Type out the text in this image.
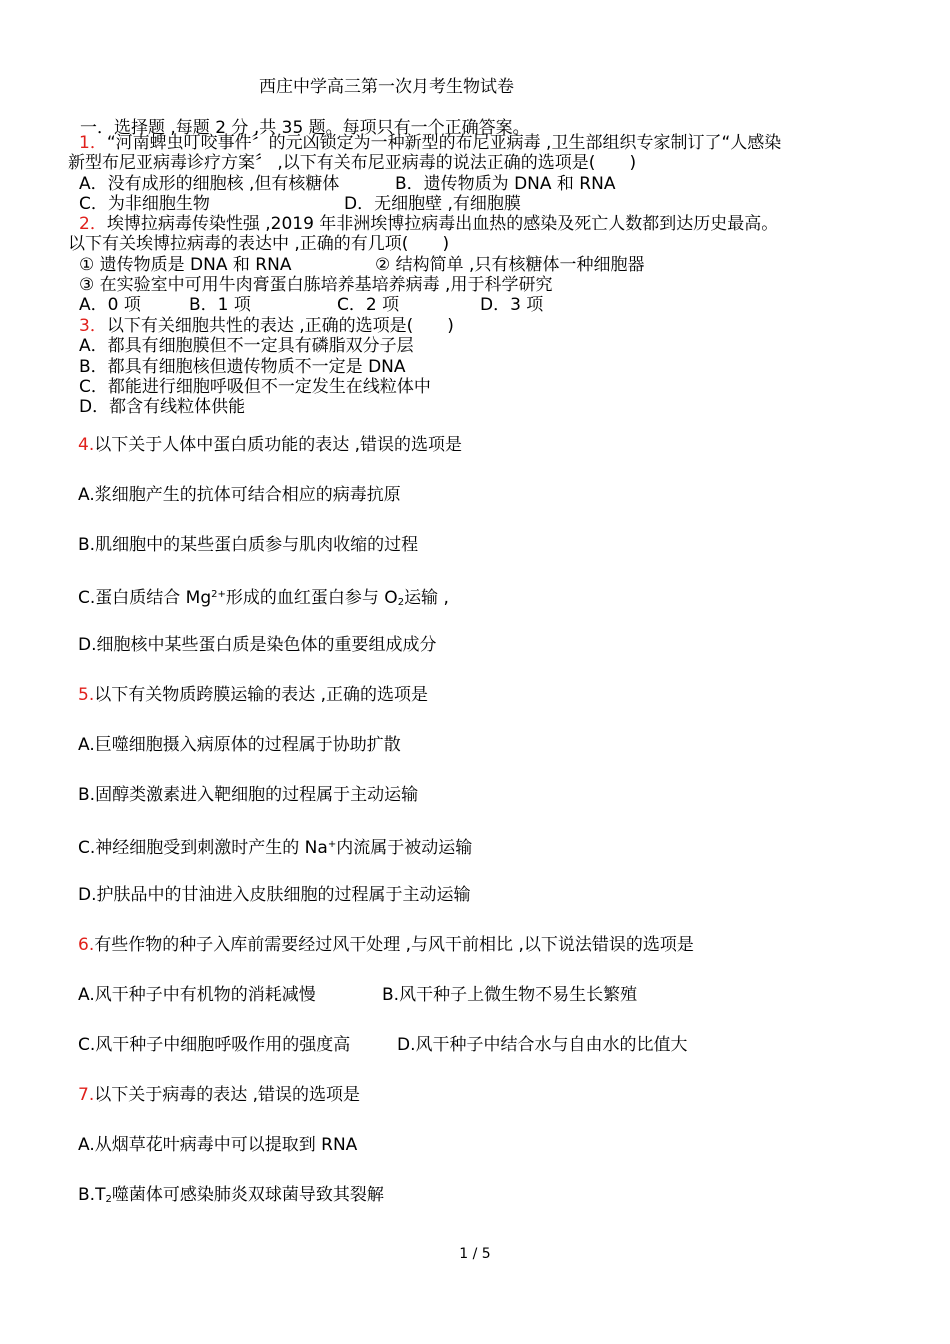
西庄中学高三第一次月考生物试卷
一．选择题 ,每题 2 分 ,共 35 题。每项只有一个正确答案。
1．“河南蜱虫叮咬事件〞的元凶锁定为一种新型的布尼亚病毒 ,卫生部组织专家制订了“人感染
新型布尼亚病毒诊疗方案〞 ,以下有关布尼亚病毒的说法正确的选项是(　　)
A．没有成形的细胞核 ,但有核糖体	B．遗传物质为 DNA 和 RNA
C．为非细胞生物	D．无细胞壁 ,有细胞膜
2．埃博拉病毒传染性强 ,2019 年非洲埃博拉病毒出血热的感染及死亡人数都到达历史最高。
以下有关埃博拉病毒的表达中 ,正确的有几项(　　)
① 遗传物质是 DNA 和 RNA	② 结构简单 ,只有核糖体一种细胞器
③ 在实验室中可用牛肉膏蛋白胨培养基培养病毒 ,用于科学研究
A．0 项	B．1 项	C．2 项	D．3 项
3．以下有关细胞共性的表达 ,正确的选项是(　　)
A．都具有细胞膜但不一定具有磷脂双分子层
B．都具有细胞核但遗传物质不一定是 DNA
C．都能进行细胞呼吸但不一定发生在线粒体中
D．都含有线粒体供能
4.以下关于人体中蛋白质功能的表达 ,错误的选项是
A.浆细胞产生的抗体可结合相应的病毒抗原
B.肌细胞中的某些蛋白质参与肌肉收缩的过程
C.蛋白质结合 $Mg^{2+}$形成的血红蛋白参与 $O_2$运输 ,
D.细胞核中某些蛋白质是染色体的重要组成成分
5.以下有关物质跨膜运输的表达 ,正确的选项是
A.巨噬细胞摄入病原体的过程属于协助扩散
B.固醇类激素进入靶细胞的过程属于主动运输
C.神经细胞受到刺激时产生的 Na+内流属于被动运输
D.护肤品中的甘油进入皮肤细胞的过程属于主动运输
6.有些作物的种子入库前需要经过风干处理 ,与风干前相比 ,以下说法错误的选项是
A.风干种子中有机物的消耗减慢	B.风干种子上微生物不易生长繁殖
C.风干种子中细胞呼吸作用的强度高	D.风干种子中结合水与自由水的比值大
7.以下关于病毒的表达 ,错误的选项是
A.从烟草花叶病毒中可以提取到 RNA
$B.T_2$噬菌体可感染肺炎双球菌导致其裂解
1 / 5
